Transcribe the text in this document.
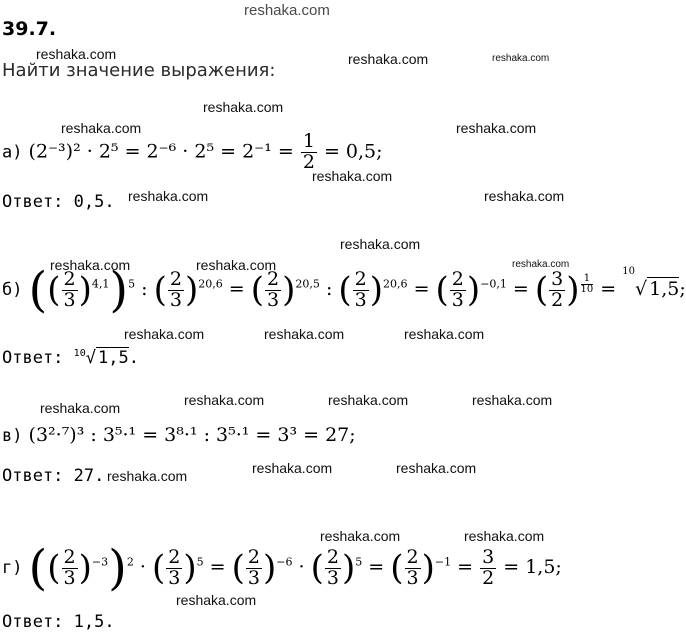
reshaka.com
reshaka.com	reshaka.com	reshaka.com
reshaka.com
reshaka.com	reshaka.com
reshaka.com
reshaka.com	reshaka.com
reshaka.com
reshaka.com	reshaka.com	reshaka.com
reshaka.com	reshaka.com	reshaka.com
reshaka.com	reshaka.com	reshaka.com
reshaka.com
reshaka.com	reshaka.com
reshaka.com
reshaka.com	reshaka.com
reshaka.com
39.7.
Найти значение выражения:
а) $(2^{-3})^2 \cdot 2^5 = 2^{-6} \cdot 2^5 = 2^{-1} = \frac{1}{2} = 0,5$;
Ответ: 0,5.
б) (( $\frac{2}{3} )^{4,1})^5$ : ( $\frac{2}{3} )^{20,6}$ = ( $\frac{2}{3} )^{20,5}$ : ( $\frac{2}{3} )^{20,6}$ = ( $\frac{2}{3} )^{-0,1}$ = ( $\frac{3}{2}$ ) $^{\frac{1}{10}}$ = $^{10}$√ 1,5;
Ответ: $^{10}$√ 1,5.
в) (3²·⁷)³ : 3⁵·¹ = 3⁸·¹ : 3⁵·¹ = 3³ = 27;
Ответ: 27.
г) (( $\frac{2}{3} )^{-3})^2$ · ( $\frac{2}{3} )^5$ = ( $\frac{2}{3} )^{-6}$ · ( $\frac{2}{3} )^5$ = ( $\frac{2}{3} )^{-1} = \frac{3}{2} = 1,5$;
Ответ: 1,5.
